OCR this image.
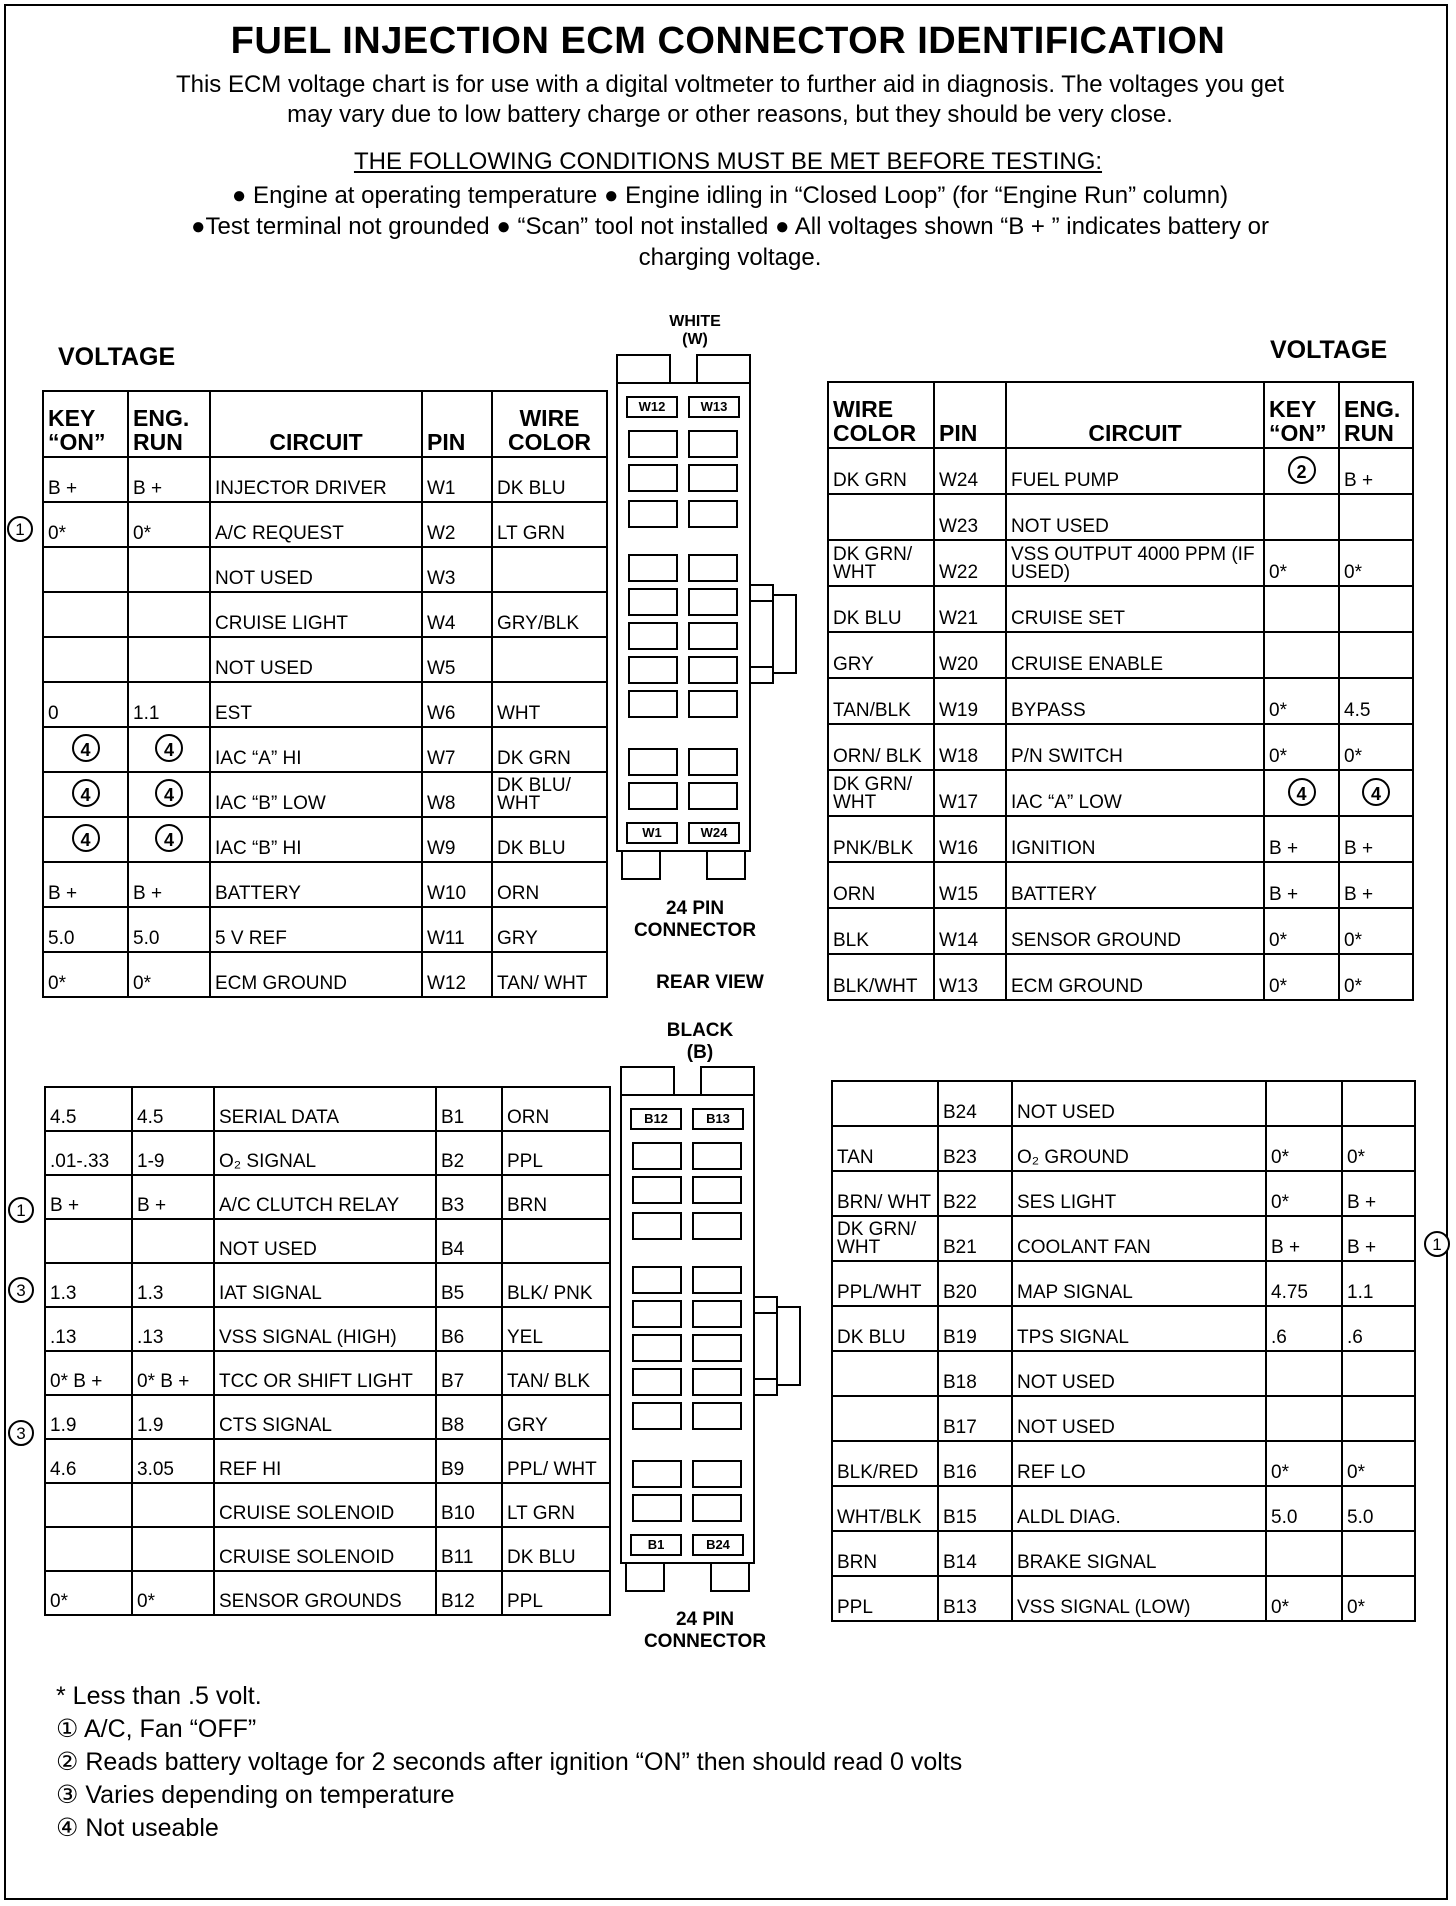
FUEL INJECTION ECM CONNECTOR IDENTIFICATION
This ECM voltage chart is for use with a digital voltmeter to further aid in diagnosis. The voltages you get
may vary due to low battery charge or other reasons, but they should be very close.
THE FOLLOWING CONDITIONS MUST BE MET BEFORE TESTING:
● Engine at operating temperature ● Engine idling in “Closed Loop” (for “Engine Run” column)
●Test terminal not grounded ● “Scan” tool not installed ● All voltages shown “B + ” indicates battery or
charging voltage.
VOLTAGE	VOLTAGE
KEY “ON”	ENG. RUN	CIRCUIT	PIN	WIRE COLOR
B +	B +	INJECTOR DRIVER	W1	DK BLU
0*	0*	A/C REQUEST	W2	LT GRN
		NOT USED	W3	
		CRUISE LIGHT	W4	GRY/BLK
		NOT USED	W5	
0	1.1	EST	W6	WHT
4	4	IAC “A” HI	W7	DK GRN
4	4	IAC “B” LOW	W8	DK BLU/ WHT
4	4	IAC “B” HI	W9	DK BLU
B +	B +	BATTERY	W10	ORN
5.0	5.0	5 V REF	W11	GRY
0*	0*	ECM GROUND	W12	TAN/ WHT
WIRE COLOR	PIN	CIRCUIT	KEY “ON”	ENG. RUN
DK GRN	W24	FUEL PUMP	2	B +
	W23	NOT USED		
DK GRN/ WHT	W22	VSS OUTPUT 4000 PPM (IF USED)	0*	0*
DK BLU	W21	CRUISE SET		
GRY	W20	CRUISE ENABLE		
TAN/BLK	W19	BYPASS	0*	4.5
ORN/ BLK	W18	P/N SWITCH	0*	0*
DK GRN/ WHT	W17	IAC “A” LOW	4	4
PNK/BLK	W16	IGNITION	B +	B +
ORN	W15	BATTERY	B +	B +
BLK	W14	SENSOR GROUND	0*	0*
BLK/WHT	W13	ECM GROUND	0*	0*
4.5	4.5	SERIAL DATA	B1	ORN
.01-.33	1-9	O₂ SIGNAL	B2	PPL
B +	B +	A/C CLUTCH RELAY	B3	BRN
		NOT USED	B4	
1.3	1.3	IAT SIGNAL	B5	BLK/ PNK
.13	.13	VSS SIGNAL (HIGH)	B6	YEL
0* B +	0* B +	TCC OR SHIFT LIGHT	B7	TAN/ BLK
1.9	1.9	CTS SIGNAL	B8	GRY
4.6	3.05	REF HI	B9	PPL/ WHT
		CRUISE SOLENOID	B10	LT GRN
		CRUISE SOLENOID	B11	DK BLU
0*	0*	SENSOR GROUNDS	B12	PPL
	B24	NOT USED		
TAN	B23	O₂ GROUND	0*	0*
BRN/ WHT	B22	SES LIGHT	0*	B +
DK GRN/ WHT	B21	COOLANT FAN	B +	B +
PPL/WHT	B20	MAP SIGNAL	4.75	1.1
DK BLU	B19	TPS SIGNAL	.6	.6
	B18	NOT USED		
	B17	NOT USED		
BLK/RED	B16	REF LO	0*	0*
WHT/BLK	B15	ALDL DIAG.	5.0	5.0
BRN	B14	BRAKE SIGNAL		
PPL	B13	VSS SIGNAL (LOW)	0*	0*
1
1
3
3
1
WHITE
(W)
W12	W13
W1	W24
24 PIN
CONNECTOR
REAR VIEW
BLACK
(B)
B12	B13
B1	B24
24 PIN
CONNECTOR
* Less than .5 volt.
① A/C, Fan “OFF”
② Reads battery voltage for 2 seconds after ignition “ON” then should read 0 volts
③ Varies depending on temperature
④ Not useable
